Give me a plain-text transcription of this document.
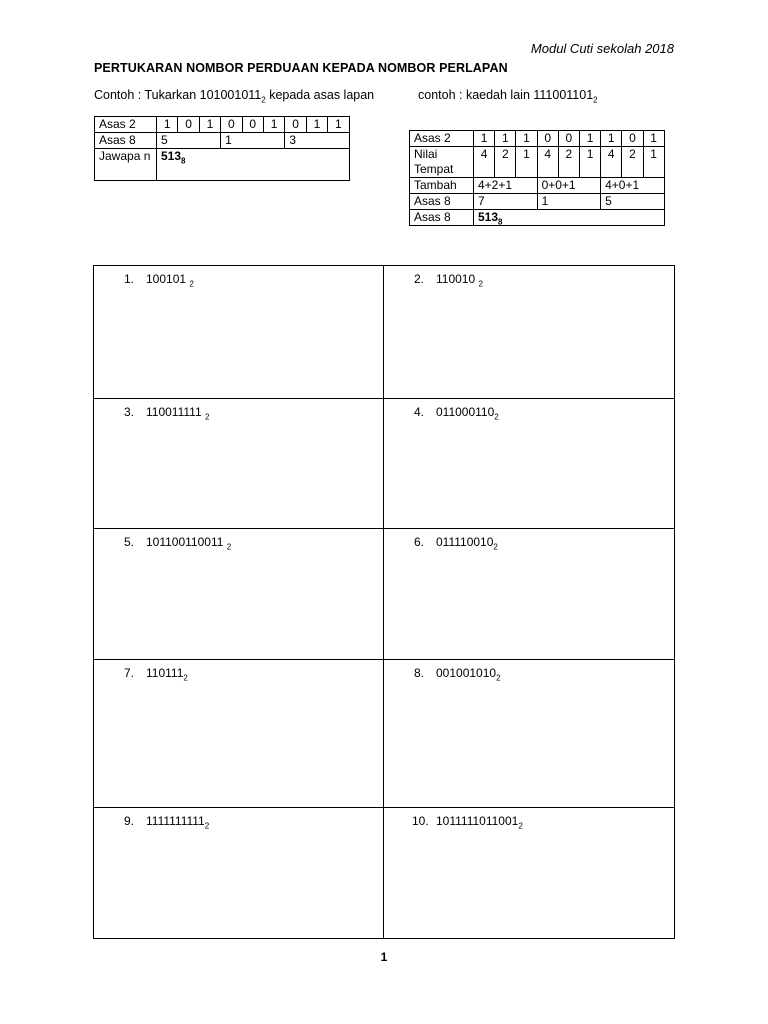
Modul Cuti sekolah 2018
PERTUKARAN NOMBOR PERDUAAN KEPADA NOMBOR PERLAPAN
Contoh : Tukarkan $101001011_2$ kepada asas lapan	contoh : kaedah lain $111001101_2$
Asas 2	1	0	1	0	0	1	0	1	1
Asas 8	5			1			3		
Jawapa n	$513_8$
Asas 2	1	1	1	0	0	1	1	0	1
Nilai Tempat	4	2	1	4	2	1	4	2	1
Tambah	4+2+1			0+0+1			4+0+1		
Asas 8	7			1			5		
Asas 8	$513_8$
1. 100101 $_2$	2. 110010 $_2$
3. 110011111 $_2$	4. $011000110_2$
5. 101100110011 $_2$	6. $011110010_2$
7. $110111_2$	8. $001001010_2$
9. $1111111111_2$	10. $1011111011001_2$
1
